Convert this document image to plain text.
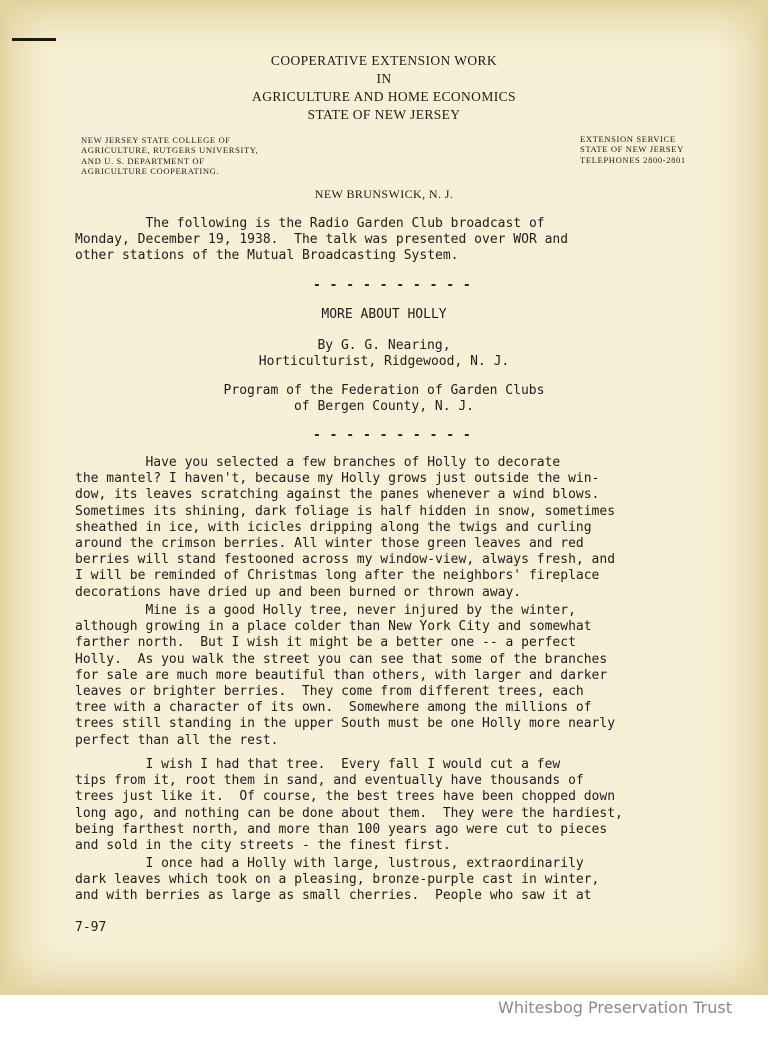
COOPERATIVE EXTENSION WORK
IN
AGRICULTURE AND HOME ECONOMICS
STATE OF NEW JERSEY
NEW JERSEY STATE COLLEGE OF
AGRICULTURE, RUTGERS UNIVERSITY,
AND U. S. DEPARTMENT OF
AGRICULTURE COOPERATING.
EXTENSION SERVICE
STATE OF NEW JERSEY
TELEPHONES 2800-2801
NEW BRUNSWICK, N. J.
The following is the Radio Garden Club broadcast of
Monday, December 19, 1938.  The talk was presented over WOR and
other stations of the Mutual Broadcasting System.
- - - - - - - - - -
MORE ABOUT HOLLY
By G. G. Nearing,
Horticulturist, Ridgewood, N. J.
Program of the Federation of Garden Clubs
of Bergen County, N. J.
- - - - - - - - - -
Have you selected a few branches of Holly to decorate
the mantel? I haven't, because my Holly grows just outside the win-
dow, its leaves scratching against the panes whenever a wind blows.
Sometimes its shining, dark foliage is half hidden in snow, sometimes
sheathed in ice, with icicles dripping along the twigs and curling
around the crimson berries. All winter those green leaves and red
berries will stand festooned across my window-view, always fresh, and
I will be reminded of Christmas long after the neighbors' fireplace
decorations have dried up and been burned or thrown away.
Mine is a good Holly tree, never injured by the winter,
although growing in a place colder than New York City and somewhat
farther north.  But I wish it might be a better one -- a perfect
Holly.  As you walk the street you can see that some of the branches
for sale are much more beautiful than others, with larger and darker
leaves or brighter berries.  They come from different trees, each
tree with a character of its own.  Somewhere among the millions of
trees still standing in the upper South must be one Holly more nearly
perfect than all the rest.
I wish I had that tree.  Every fall I would cut a few
tips from it, root them in sand, and eventually have thousands of
trees just like it.  Of course, the best trees have been chopped down
long ago, and nothing can be done about them.  They were the hardiest,
being farthest north, and more than 100 years ago were cut to pieces
and sold in the city streets - the finest first.
I once had a Holly with large, lustrous, extraordinarily
dark leaves which took on a pleasing, bronze-purple cast in winter,
and with berries as large as small cherries.  People who saw it at
7-97
Whitesbog Preservation Trust
